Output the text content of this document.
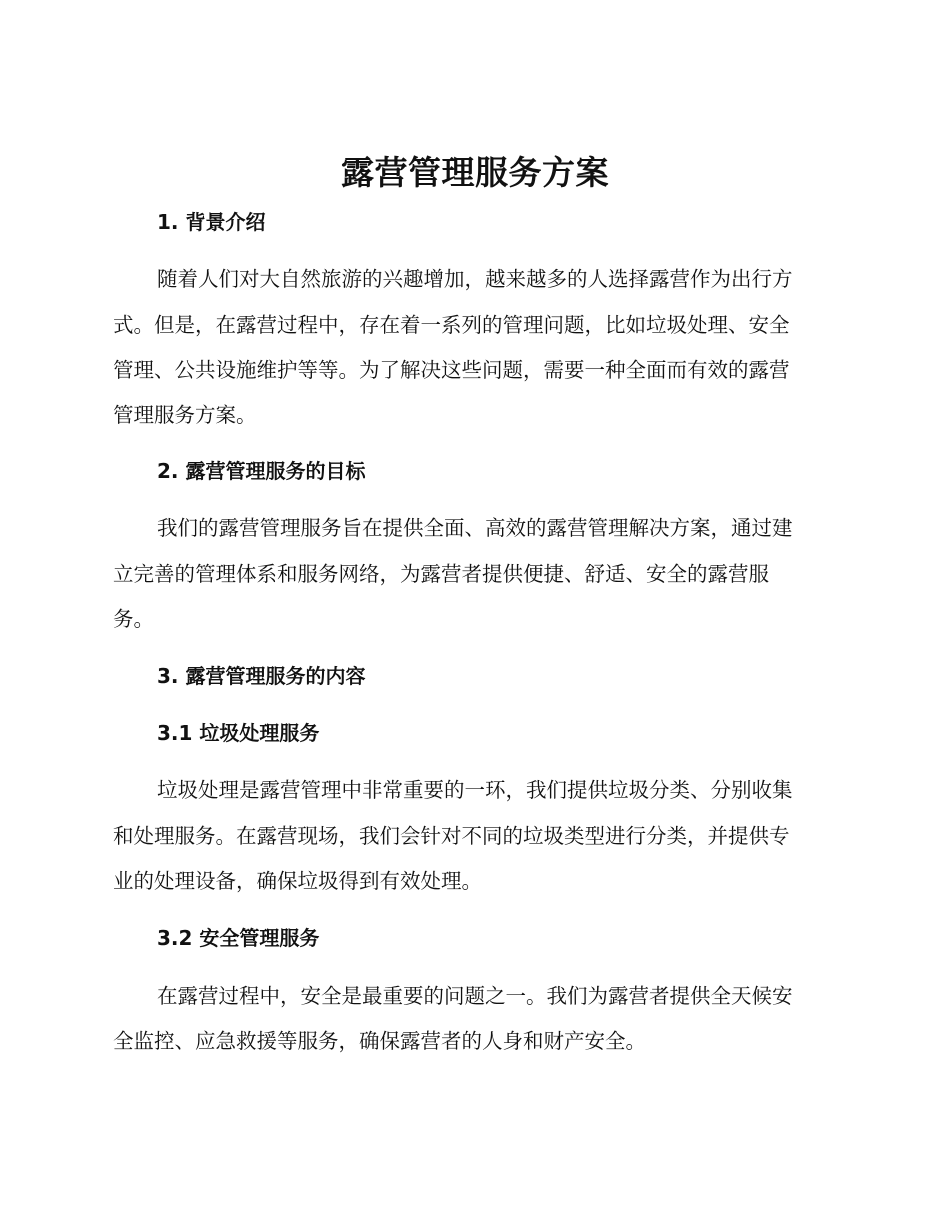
露营管理服务方案
1. 背景介绍
随着人们对大自然旅游的兴趣增加，越来越多的人选择露营作为出行方
式。但是，在露营过程中，存在着一系列的管理问题，比如垃圾处理、安全
管理、公共设施维护等等。为了解决这些问题，需要一种全面而有效的露营
管理服务方案。
2. 露营管理服务的目标
我们的露营管理服务旨在提供全面、高效的露营管理解决方案，通过建
立完善的管理体系和服务网络，为露营者提供便捷、舒适、安全的露营服
务。
3. 露营管理服务的内容
3.1 垃圾处理服务
垃圾处理是露营管理中非常重要的一环，我们提供垃圾分类、分别收集
和处理服务。在露营现场，我们会针对不同的垃圾类型进行分类，并提供专
业的处理设备，确保垃圾得到有效处理。
3.2 安全管理服务
在露营过程中，安全是最重要的问题之一。我们为露营者提供全天候安
全监控、应急救援等服务，确保露营者的人身和财产安全。
